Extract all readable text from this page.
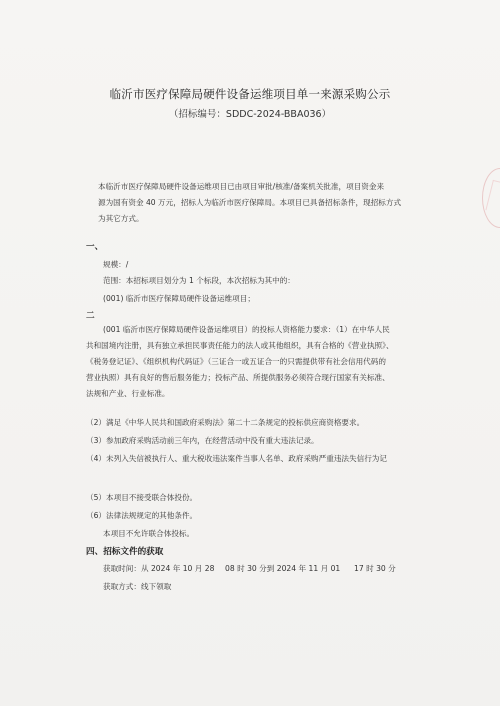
临沂市医疗保障局硬件设备运维项目单一来源采购公示
（招标编号：SDDC-2024-BBA036）
本临沂市医疗保障局硬件设备运维项目已由项目审批/核准/备案机关批准，项目资金来
源为国有资金 40 万元，招标人为临沂市医疗保障局。本项目已具备招标条件，现招标方式
为其它方式。
一、
规模：/
范围：本招标项目划分为 1 个标段，本次招标为其中的：
(001) 临沂市医疗保障局硬件设备运维项目；
二
(001 临沂市医疗保障局硬件设备运维项目）的投标人资格能力要求：（1）在中华人民
共和国境内注册，具有独立承担民事责任能力的法人或其他组织，具有合格的《营业执照》、
《税务登记证》、《组织机构代码证》（三证合一或五证合一的只需提供带有社会信用代码的
营业执照）具有良好的售后服务能力；投标产品、所提供服务必须符合现行国家有关标准、
法规和产业、行业标准。
（2）满足《中华人民共和国政府采购法》第二十二条规定的投标供应商资格要求。
（3）参加政府采购活动前三年内，在经营活动中没有重大违法记录。
（4）未列入失信被执行人、重大税收违法案件当事人名单、政府采购严重违法失信行为记
（5）本项目不接受联合体投份。
（6）法律法规规定的其他条件。
本项目不允许联合体投标。
四、招标文件的获取
获取时间：从 2024 年 10 月 28 08 时 30 分到 2024 年 11 月 01 17 时 30 分
获取方式：线下领取
